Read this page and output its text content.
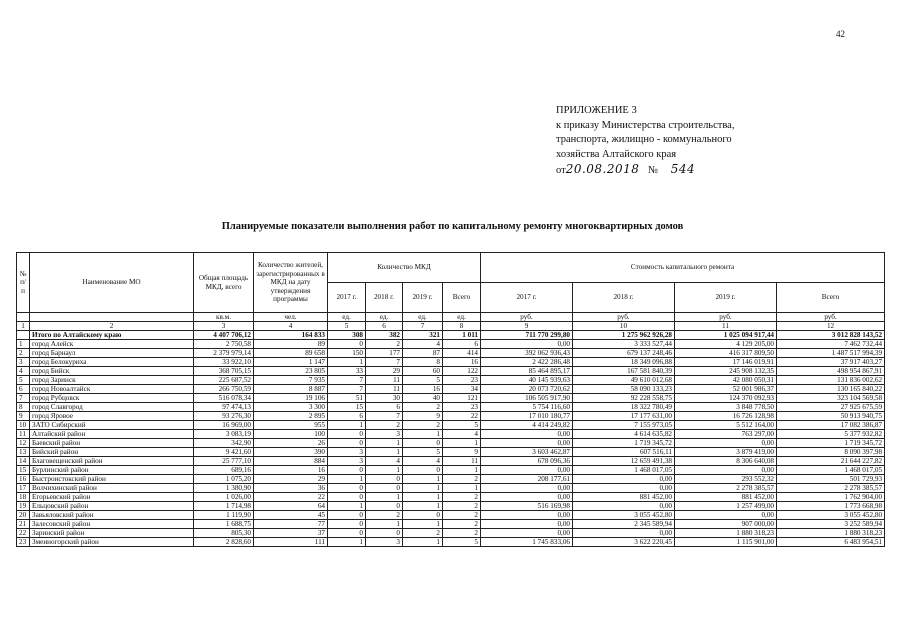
42
ПРИЛОЖЕНИЕ 3
к приказу Министерства строительства,
транспорта, жилищно - коммунального
хозяйства Алтайского края
от20.08.2018 № 544
Планируемые показатели выполнения работ по капитальному ремонту многоквартирных домов
№ п/п	Наименование МО	Общая площадь МКД, всего	Количество жителей, зарегистрированных в МКД на дату утверждения программы	Количество МКД				Стоимость капитального ремонта			
				2017 г.	2018 г.	2019 г.	Всего	2017 г.	2018 г.	2019 г.	Всего
		кв.м.	чел.	ед.	ед.	ед.	ед.	руб.	руб.	руб.	руб.
1	2	3	4	5	6	7	8	9	10	11	12
	Итого по Алтайскому краю	4 407 706,12	164 833	308	382	321	1 011	711 770 299,80	1 275 962 926,28	1 025 094 917,44	3 012 828 143,52
1	город Алейск	2 750,58	89	0	2	4	6	0,00	3 333 527,44	4 129 205,00	7 462 732,44
2	город Барнаул	2 379 979,14	89 658	150	177	87	414	392 062 936,43	679 137 248,46	416 317 809,50	1 487 517 994,39
3	город Белокуриха	33 922,10	1 147	1	7	8	16	2 422 286,48	18 349 096,88	17 146 019,91	37 917 403,27
4	город Бийск	368 705,15	23 805	33	29	60	122	85 464 895,17	167 581 840,39	245 908 132,35	498 954 867,91
5	город Заринск	225 687,52	7 935	7	11	5	23	40 145 939,63	49 610 012,68	42 080 050,31	131 836 002,62
6	город Новоалтайск	266 750,59	8 887	7	11	16	34	20 073 720,62	58 090 133,23	52 001 986,37	130 165 840,22
7	город Рубцовск	516 078,34	19 106	51	30	40	121	106 505 917,90	92 228 558,75	124 370 092,93	323 104 569,58
8	город Славгород	97 474,13	3 300	15	6	2	23	5 754 116,60	18 322 780,49	3 848 778,50	27 925 675,59
9	город Яровое	93 276,30	2 895	6	7	9	22	17 010 180,77	17 177 631,00	16 726 128,98	50 913 940,75
10	ЗАТО Сибирский	16 969,00	955	1	2	2	5	4 414 249,82	7 155 973,05	5 512 164,00	17 082 386,87
11	Алтайский район	3 083,19	100	0	3	1	4	0,00	4 614 635,82	763 297,00	5 377 932,82
12	Баевский район	342,90	26	0	1	0	1	0,00	1 719 345,72	0,00	1 719 345,72
13	Бийский район	9 421,60	390	3	1	5	9	3 603 462,87	607 516,11	3 879 419,00	8 090 397,98
14	Благовещенский район	25 777,10	884	3	4	4	11	678 096,36	12 659 491,38	8 306 640,08	21 644 227,82
15	Бурлинский район	689,16	16	0	1	0	1	0,00	1 468 017,05	0,00	1 468 017,05
16	Быстроистокский район	1 075,20	29	1	0	1	2	208 177,61	0,00	293 552,32	501 729,93
17	Волчихинский район	1 380,90	36	0	0	1	1	0,00	0,00	2 278 385,57	2 278 385,57
18	Егорьевский район	1 026,00	22	0	1	1	2	0,00	881 452,00	881 452,00	1 762 904,00
19	Ельцовский район	1 714,98	64	1	0	1	2	516 169,98	0,00	1 257 499,00	1 773 668,98
20	Завьяловский район	1 119,90	45	0	2	0	2	0,00	3 055 452,80	0,00	3 055 452,80
21	Залесовский район	1 688,75	77	0	1	1	2	0,00	2 345 589,94	907 000,00	3 252 589,94
22	Заринский район	805,30	37	0	0	2	2	0,00	0,00	1 880 318,23	1 880 318,23
23	Змеиногорский район	2 828,60	111	1	3	1	5	1 745 833,06	3 622 220,45	1 115 901,00	6 483 954,51
